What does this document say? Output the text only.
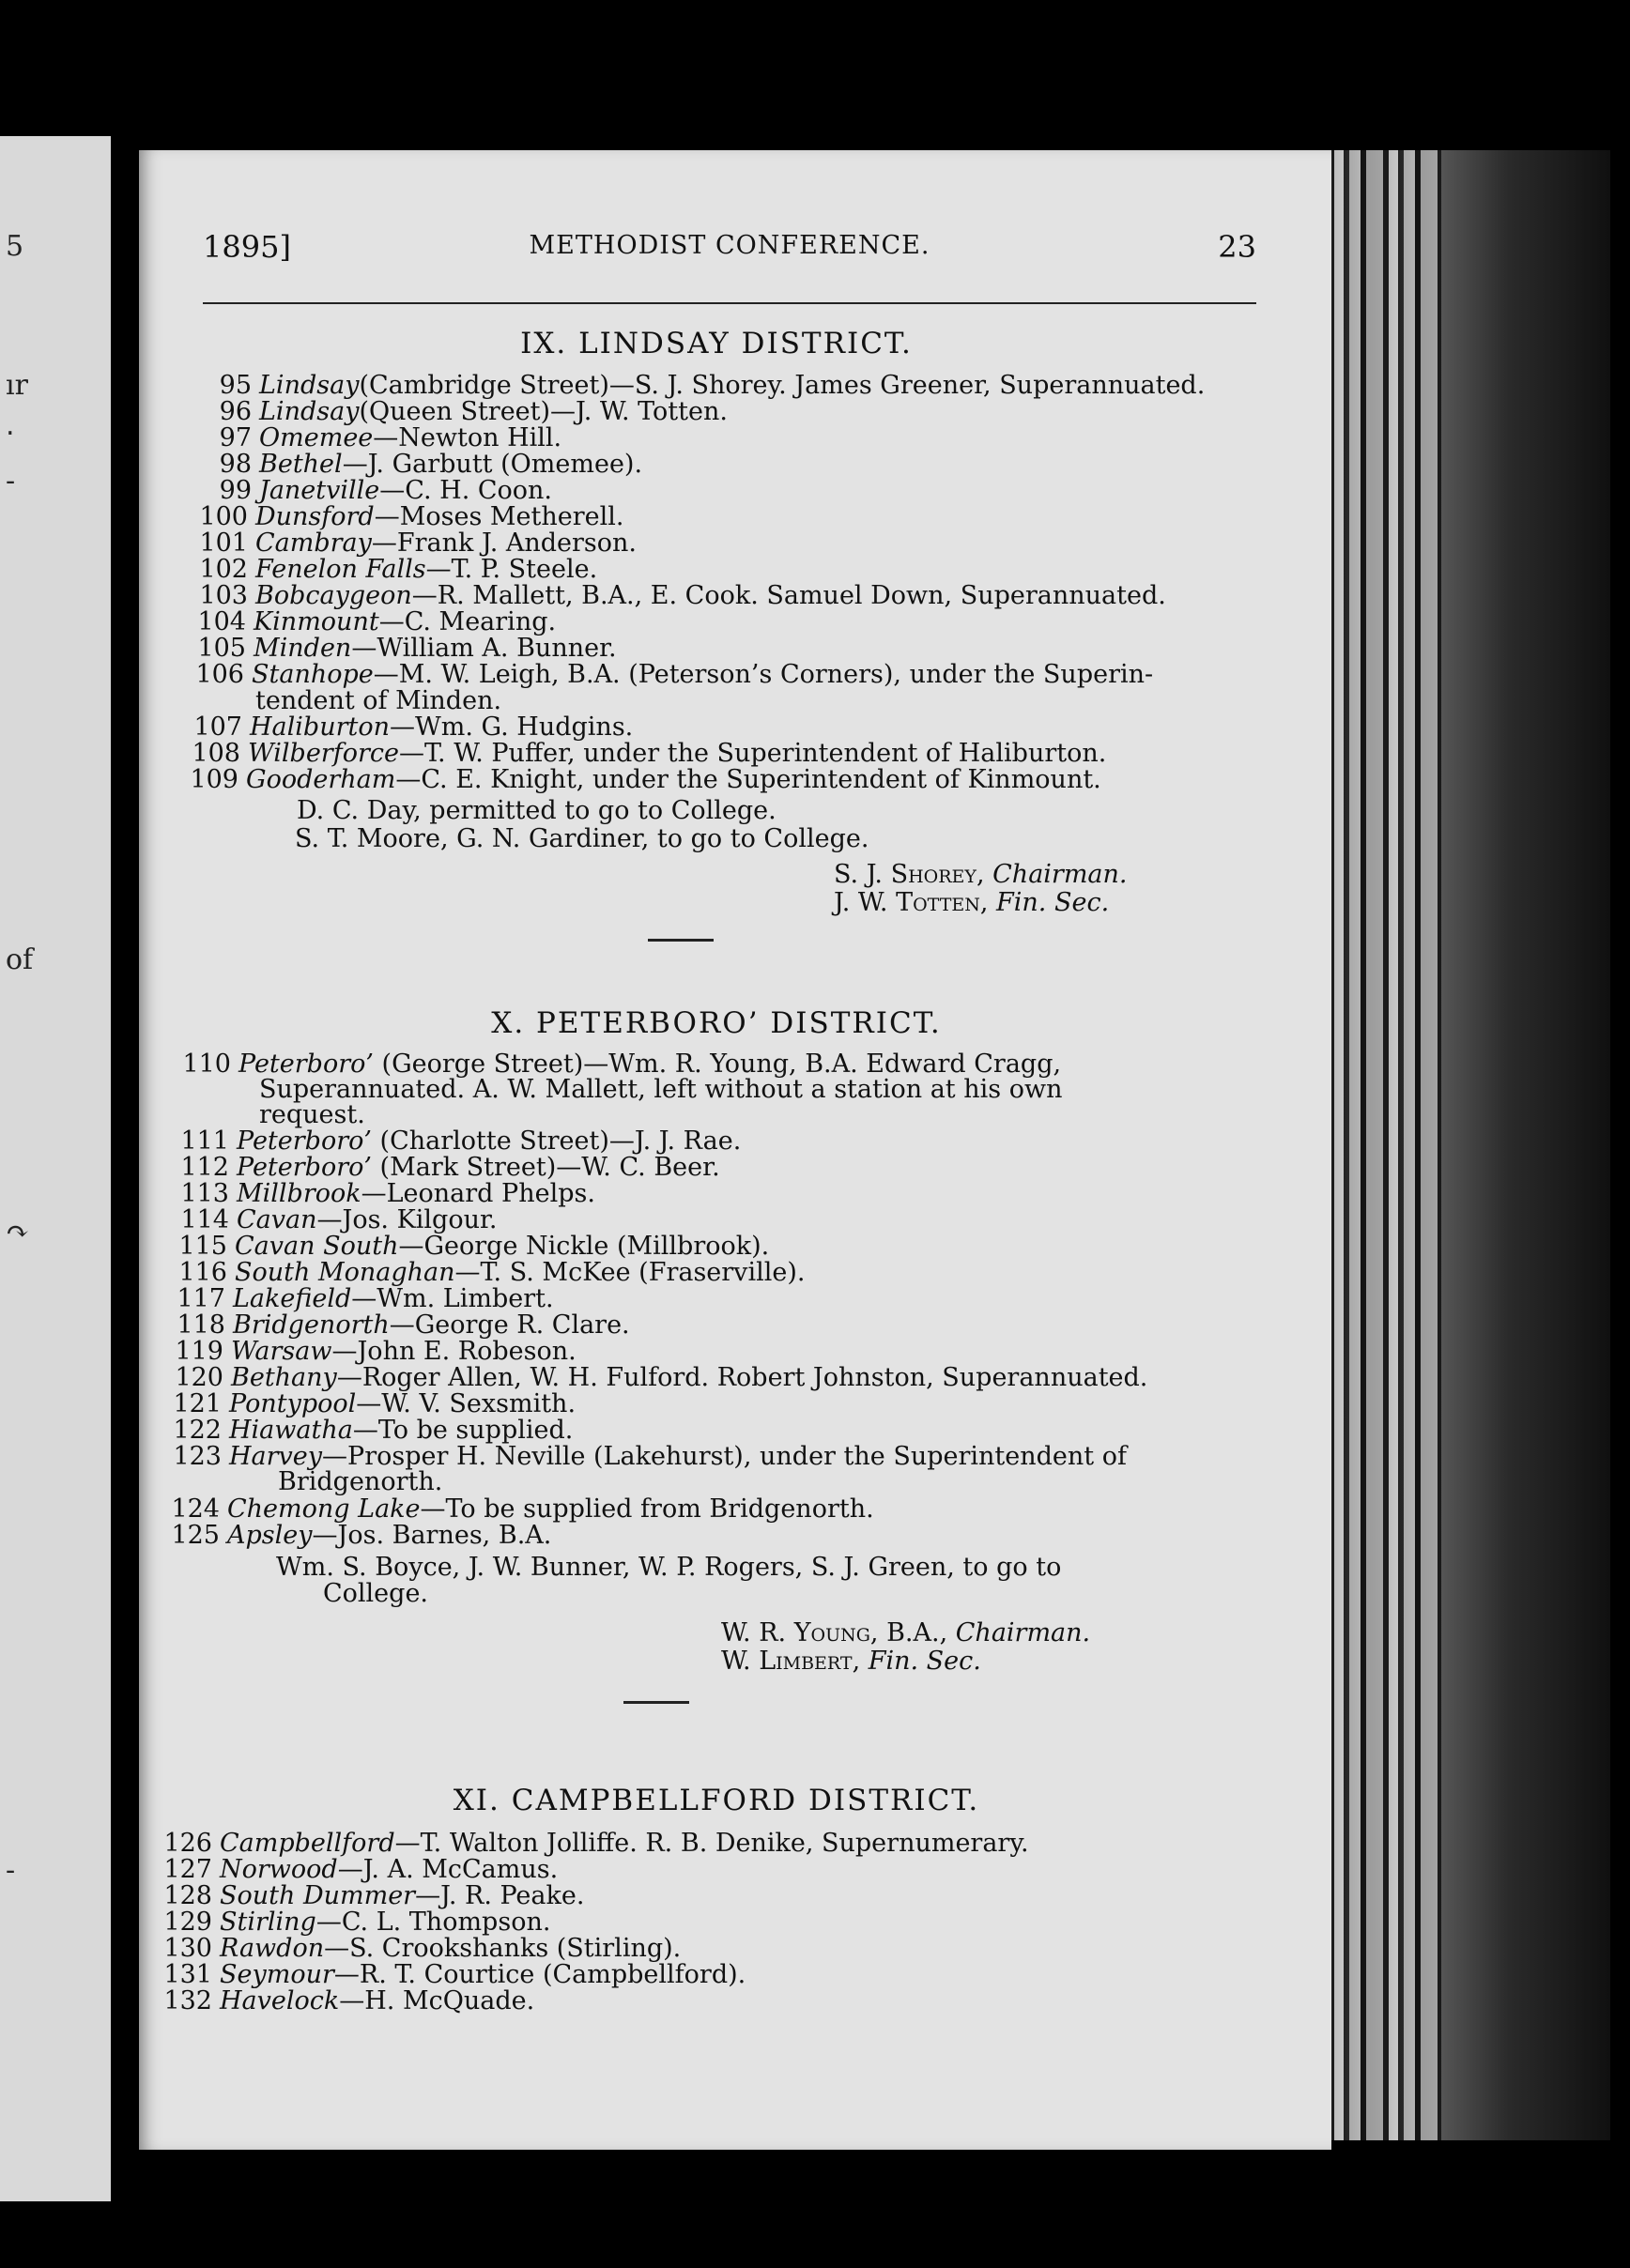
5
ır
‧
-
of
↷
-
1895]	METHODIST CONFERENCE.	23
IX. LINDSAY DISTRICT.
95 Lindsay(Cambridge Street)—S. J. Shorey. James Greener, Superannuated.
96 Lindsay(Queen Street)—J. W. Totten.
97 Omemee—Newton Hill.
98 Bethel—J. Garbutt (Omemee).
99 Janetville—C. H. Coon.
100 Dunsford—Moses Metherell.
101 Cambray—Frank J. Anderson.
102 Fenelon Falls—T. P. Steele.
103 Bobcaygeon—R. Mallett, B.A., E. Cook. Samuel Down, Superannuated.
104 Kinmount—C. Mearing.
105 Minden—William A. Bunner.
106 Stanhope—M. W. Leigh, B.A. (Peterson’s Corners), under the Superin-
tendent of Minden.
107 Haliburton—Wm. G. Hudgins.
108 Wilberforce—T. W. Puffer, under the Superintendent of Haliburton.
109 Gooderham—C. E. Knight, under the Superintendent of Kinmount.
D. C. Day, permitted to go to College.
S. T. Moore, G. N. Gardiner, to go to College.
S. J. Shorey, Chairman.
J. W. Totten, Fin. Sec.
X. PETERBORO’ DISTRICT.
110 Peterboro’ (George Street)—Wm. R. Young, B.A. Edward Cragg,
Superannuated. A. W. Mallett, left without a station at his own
request.
111 Peterboro’ (Charlotte Street)—J. J. Rae.
112 Peterboro’ (Mark Street)—W. C. Beer.
113 Millbrook—Leonard Phelps.
114 Cavan—Jos. Kilgour.
115 Cavan South—George Nickle (Millbrook).
116 South Monaghan—T. S. McKee (Fraserville).
117 Lakefield—Wm. Limbert.
118 Bridgenorth—George R. Clare.
119 Warsaw—John E. Robeson.
120 Bethany—Roger Allen, W. H. Fulford. Robert Johnston, Superannuated.
121 Pontypool—W. V. Sexsmith.
122 Hiawatha—To be supplied.
123 Harvey—Prosper H. Neville (Lakehurst), under the Superintendent of
Bridgenorth.
124 Chemong Lake—To be supplied from Bridgenorth.
125 Apsley—Jos. Barnes, B.A.
Wm. S. Boyce, J. W. Bunner, W. P. Rogers, S. J. Green, to go to
College.
W. R. Young, B.A., Chairman.
W. Limbert, Fin. Sec.
XI. CAMPBELLFORD DISTRICT.
126 Campbellford—T. Walton Jolliffe. R. B. Denike, Supernumerary.
127 Norwood—J. A. McCamus.
128 South Dummer—J. R. Peake.
129 Stirling—C. L. Thompson.
130 Rawdon—S. Crookshanks (Stirling).
131 Seymour—R. T. Courtice (Campbellford).
132 Havelock—H. McQuade.
